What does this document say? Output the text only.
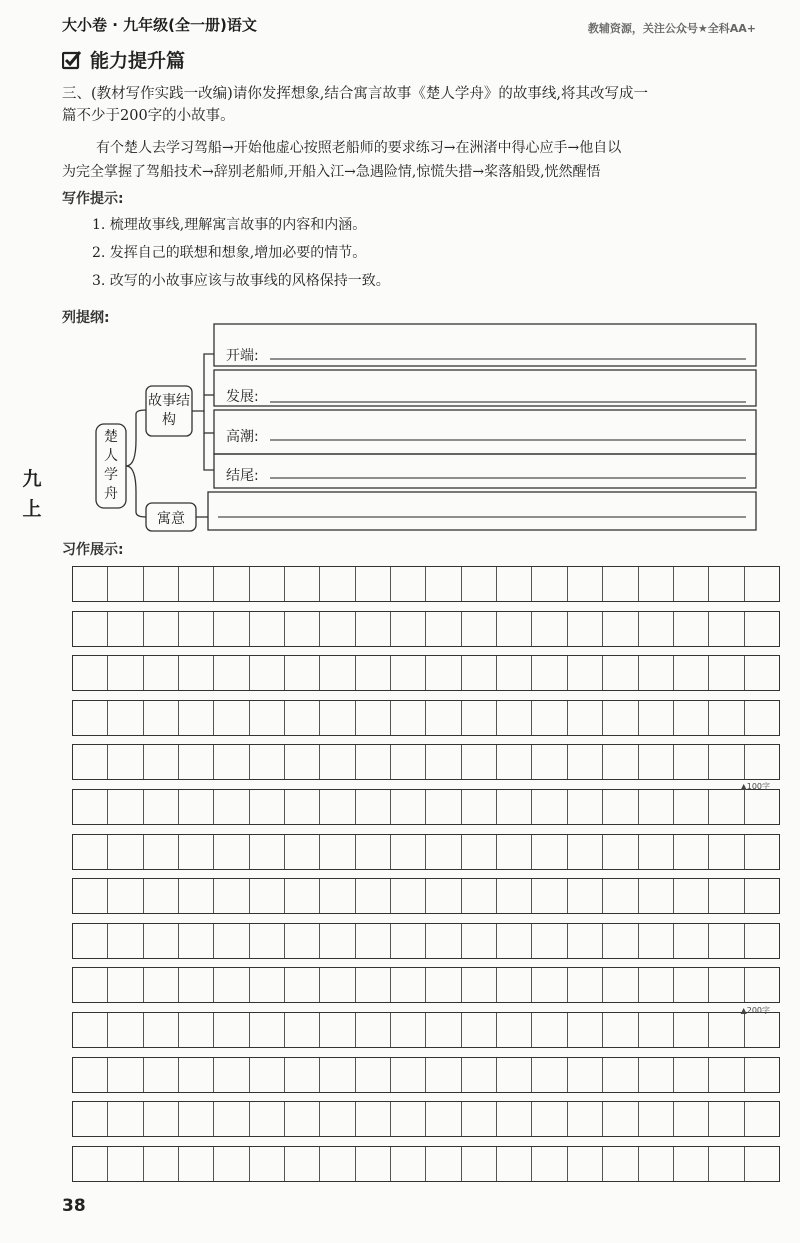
大小卷 · 九年级(全一册)语文	教辅资源，关注公众号★全科AA+
能力提升篇
三、(教材写作实践一改编)请你发挥想象,结合寓言故事《楚人学舟》的故事线,将其改写成一
篇不少于200字的小故事。
有个楚人去学习驾船→开始他虚心按照老船师的要求练习→在洲渚中得心应手→他自以
为完全掌握了驾船技术→辞别老船师,开船入江→急遇险情,惊慌失措→桨落船毁,恍然醒悟
写作提示:
1. 梳理故事线,理解寓言故事的内容和内涵。
2. 发挥自己的联想和想象,增加必要的情节。
3. 改写的小故事应该与故事线的风格保持一致。
列提纲:
楚人学舟
故事结构
寓意
开端:
发展:
高潮:
结尾:
习作展示:
▲100字
▲200字
九上
38
